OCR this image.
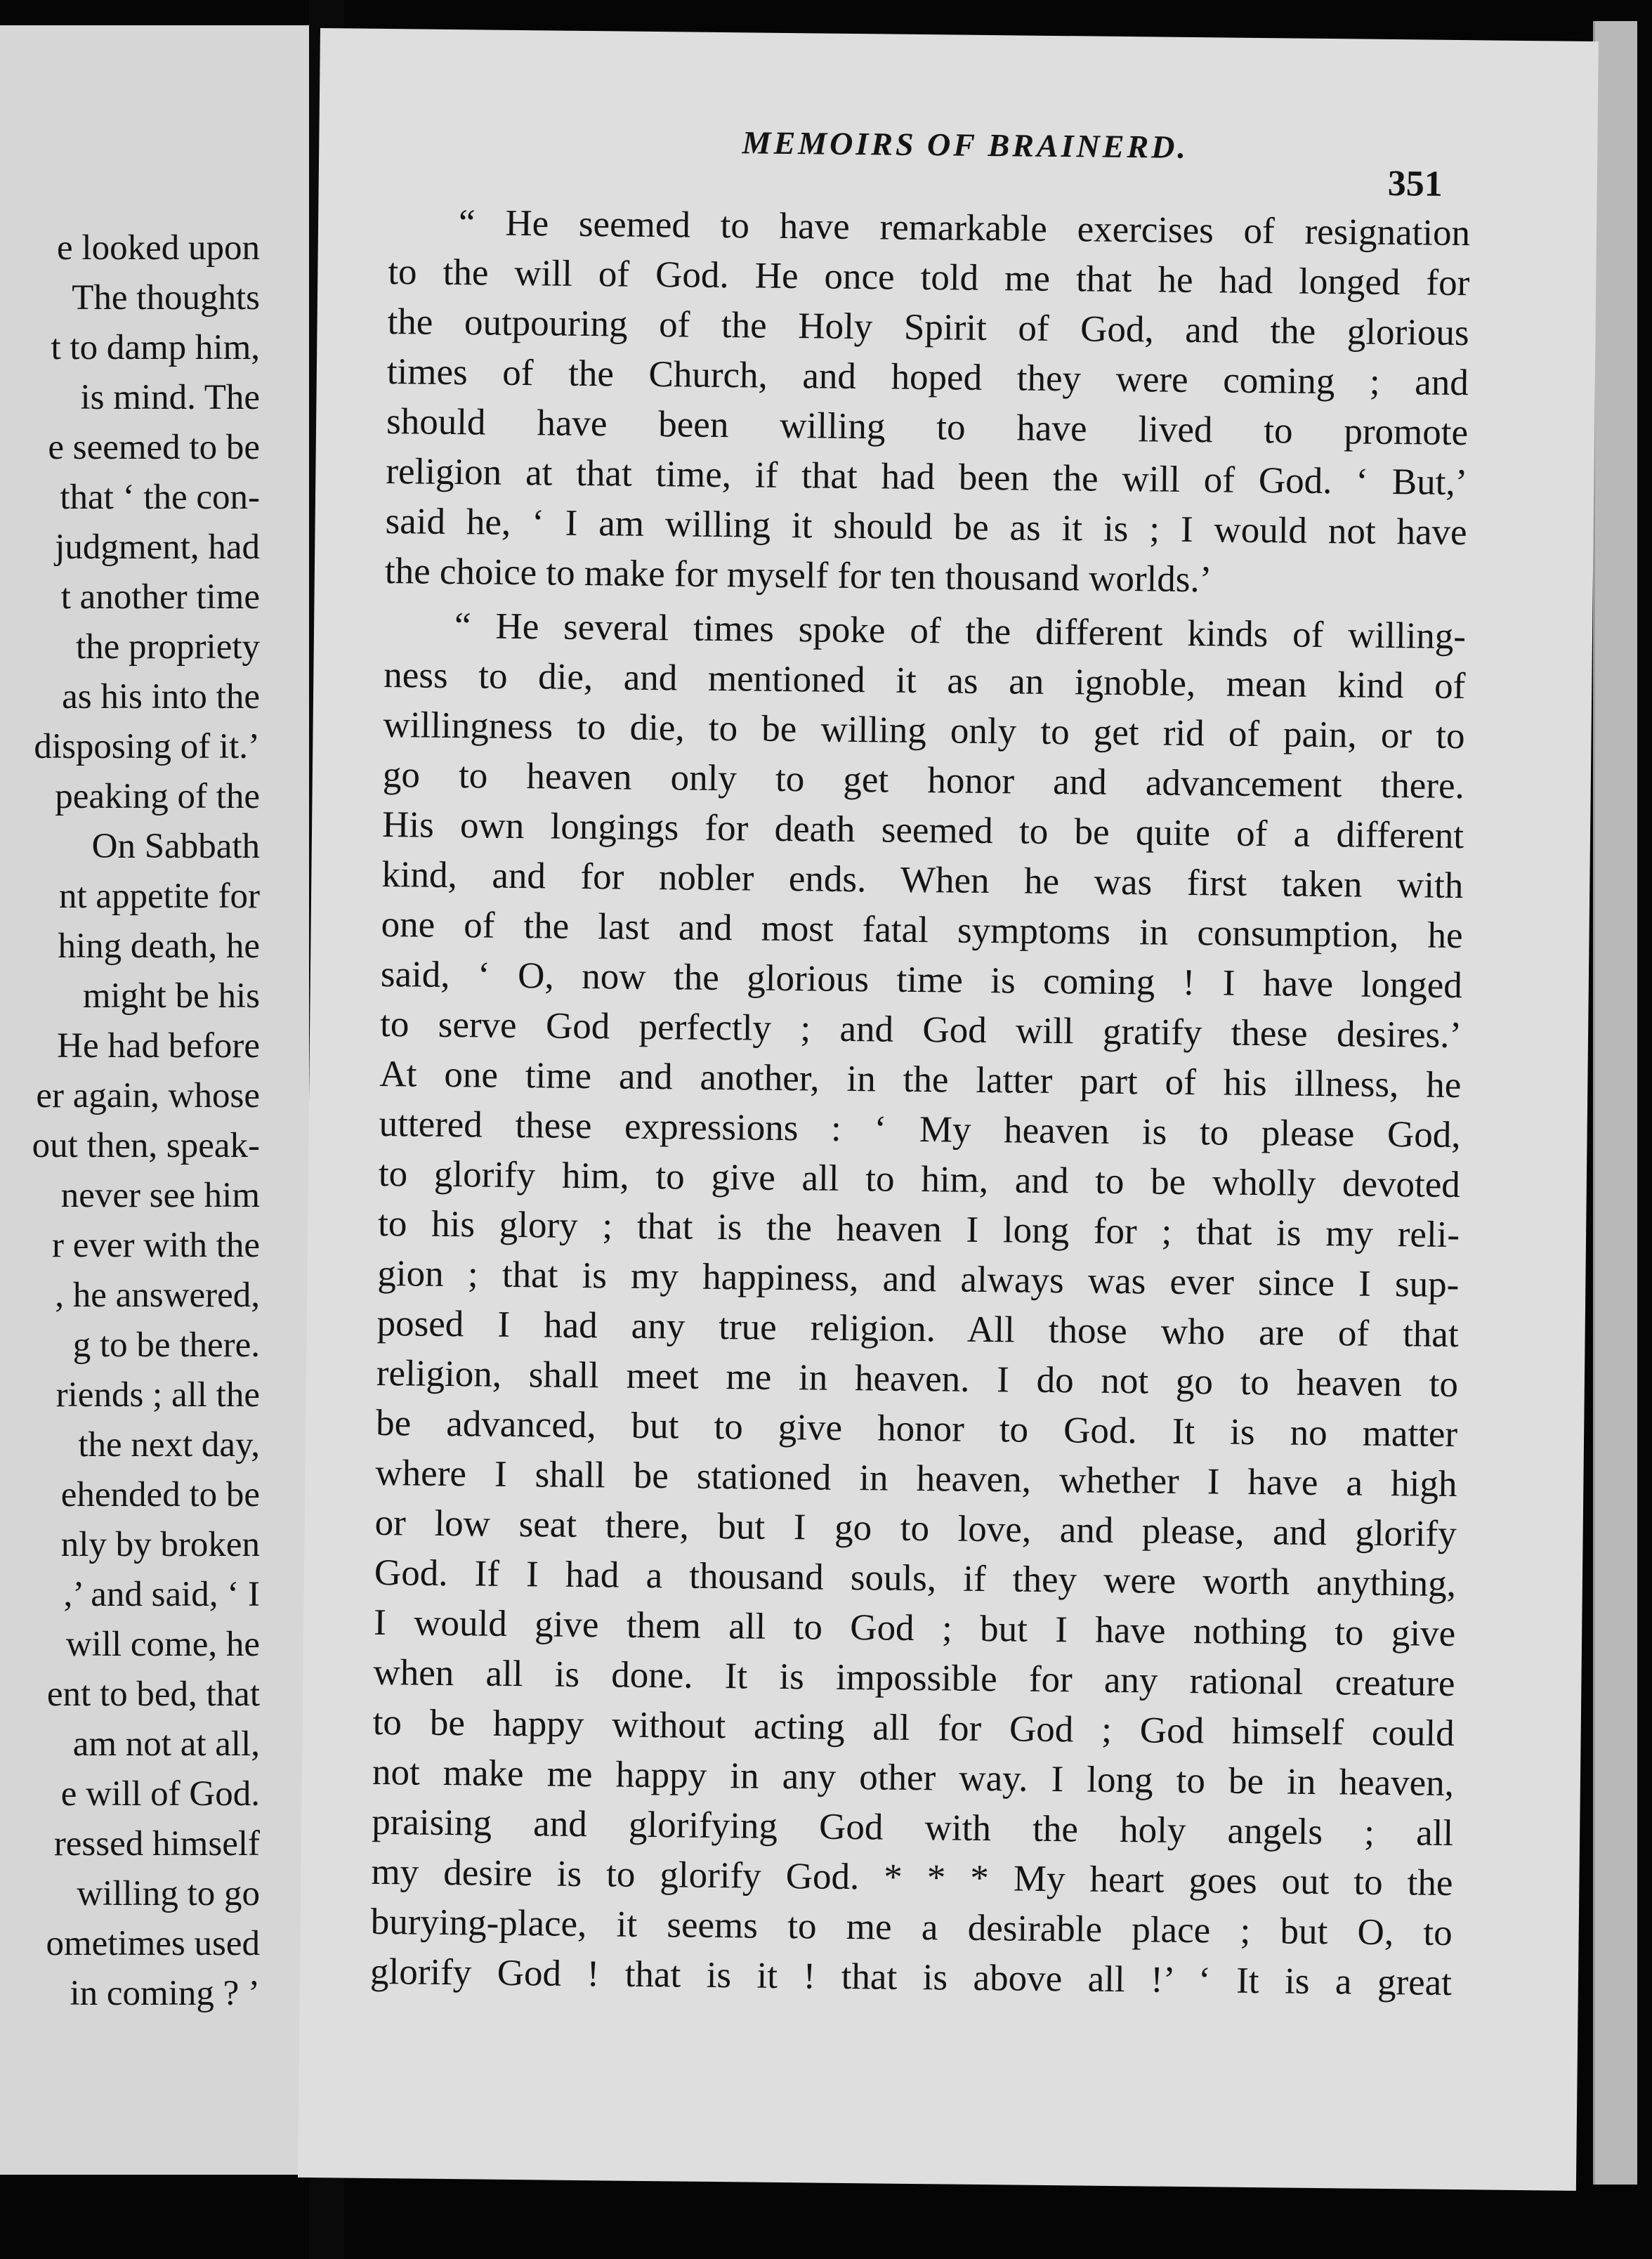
e looked upon
The thoughts
t to damp him,
is mind. The
e seemed to be
that ‘ the con-
judgment, had
t another time
the propriety
as his into the
disposing of it.’
peaking of the
On Sabbath
nt appetite for
hing death, he
might be his
He had before
er again, whose
out then, speak-
never see him
r ever with the
, he answered,
g to be there.
riends ; all the
the next day,
ehended to be
nly by broken
,’ and said, ‘ I
will come, he
ent to bed, that
am not at all,
e will of God.
ressed himself
willing to go
ometimes used
in coming ? ’
MEMOIRS OF BRAINERD.
351
“ He seemed to have remarkable exercises of resignation
to the will of God. He once told me that he had longed for
the outpouring of the Holy Spirit of God, and the glorious
times of the Church, and hoped they were coming ; and
should have been willing to have lived to promote
religion at that time, if that had been the will of God. ‘ But,’
said he, ‘ I am willing it should be as it is ; I would not have
the choice to make for myself for ten thousand worlds.’
“ He several times spoke of the different kinds of willing-
ness to die, and mentioned it as an ignoble, mean kind of
willingness to die, to be willing only to get rid of pain, or to
go to heaven only to get honor and advancement there.
His own longings for death seemed to be quite of a different
kind, and for nobler ends. When he was first taken with
one of the last and most fatal symptoms in consumption, he
said, ‘ O, now the glorious time is coming ! I have longed
to serve God perfectly ; and God will gratify these desires.’
At one time and another, in the latter part of his illness, he
uttered these expressions : ‘ My heaven is to please God,
to glorify him, to give all to him, and to be wholly devoted
to his glory ; that is the heaven I long for ; that is my reli-
gion ; that is my happiness, and always was ever since I sup-
posed I had any true religion. All those who are of that
religion, shall meet me in heaven. I do not go to heaven to
be advanced, but to give honor to God. It is no matter
where I shall be stationed in heaven, whether I have a high
or low seat there, but I go to love, and please, and glorify
God. If I had a thousand souls, if they were worth anything,
I would give them all to God ; but I have nothing to give
when all is done. It is impossible for any rational creature
to be happy without acting all for God ; God himself could
not make me happy in any other way. I long to be in heaven,
praising and glorifying God with the holy angels ; all
my desire is to glorify God. * * * My heart goes out to the
burying-place, it seems to me a desirable place ; but O, to
glorify God ! that is it ! that is above all !’ ‘ It is a great
